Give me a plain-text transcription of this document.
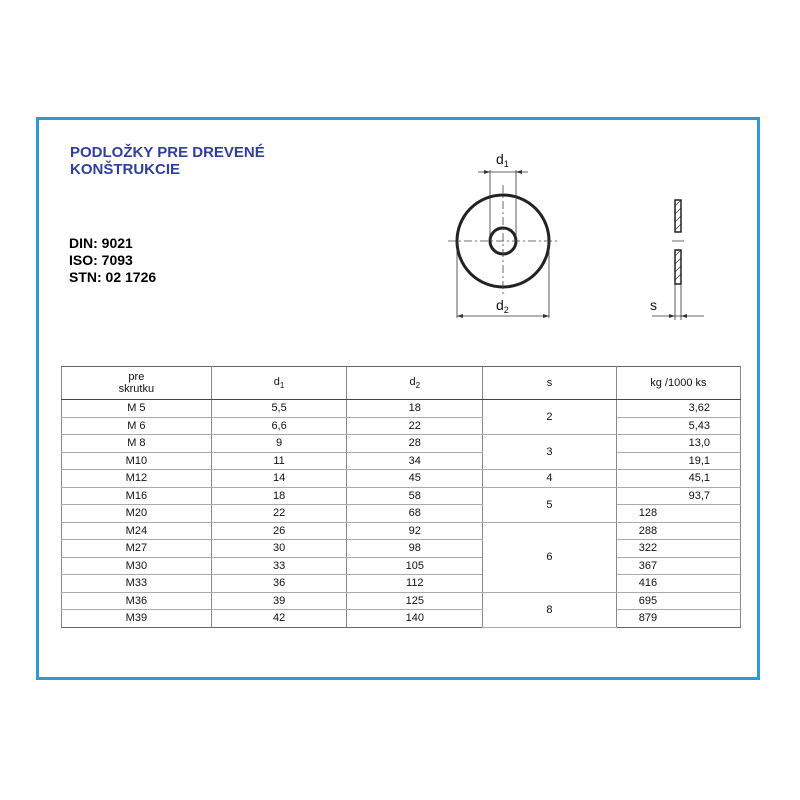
PODLOŽKY PRE DREVENÉ
KONŠTRUKCIE
DIN: 9021
ISO: 7093
STN: 02 1726
$d_1$
$d_2$	s
pre
skrutku	$d_1$	$d_2$	s	kg /1000 ks
M 5	5,5	18	2	3,62
M 6	6,6	22		5,43
M 8	9	28	3	13,0
M10	11	34		19,1
M12	14	45	4	45,1
M16	18	58	5	93,7
M20	22	68		128
M24	26	92	6	288
M27	30	98		322
M30	33	105		367
M33	36	112		416
M36	39	125	8	695
M39	42	140		879
